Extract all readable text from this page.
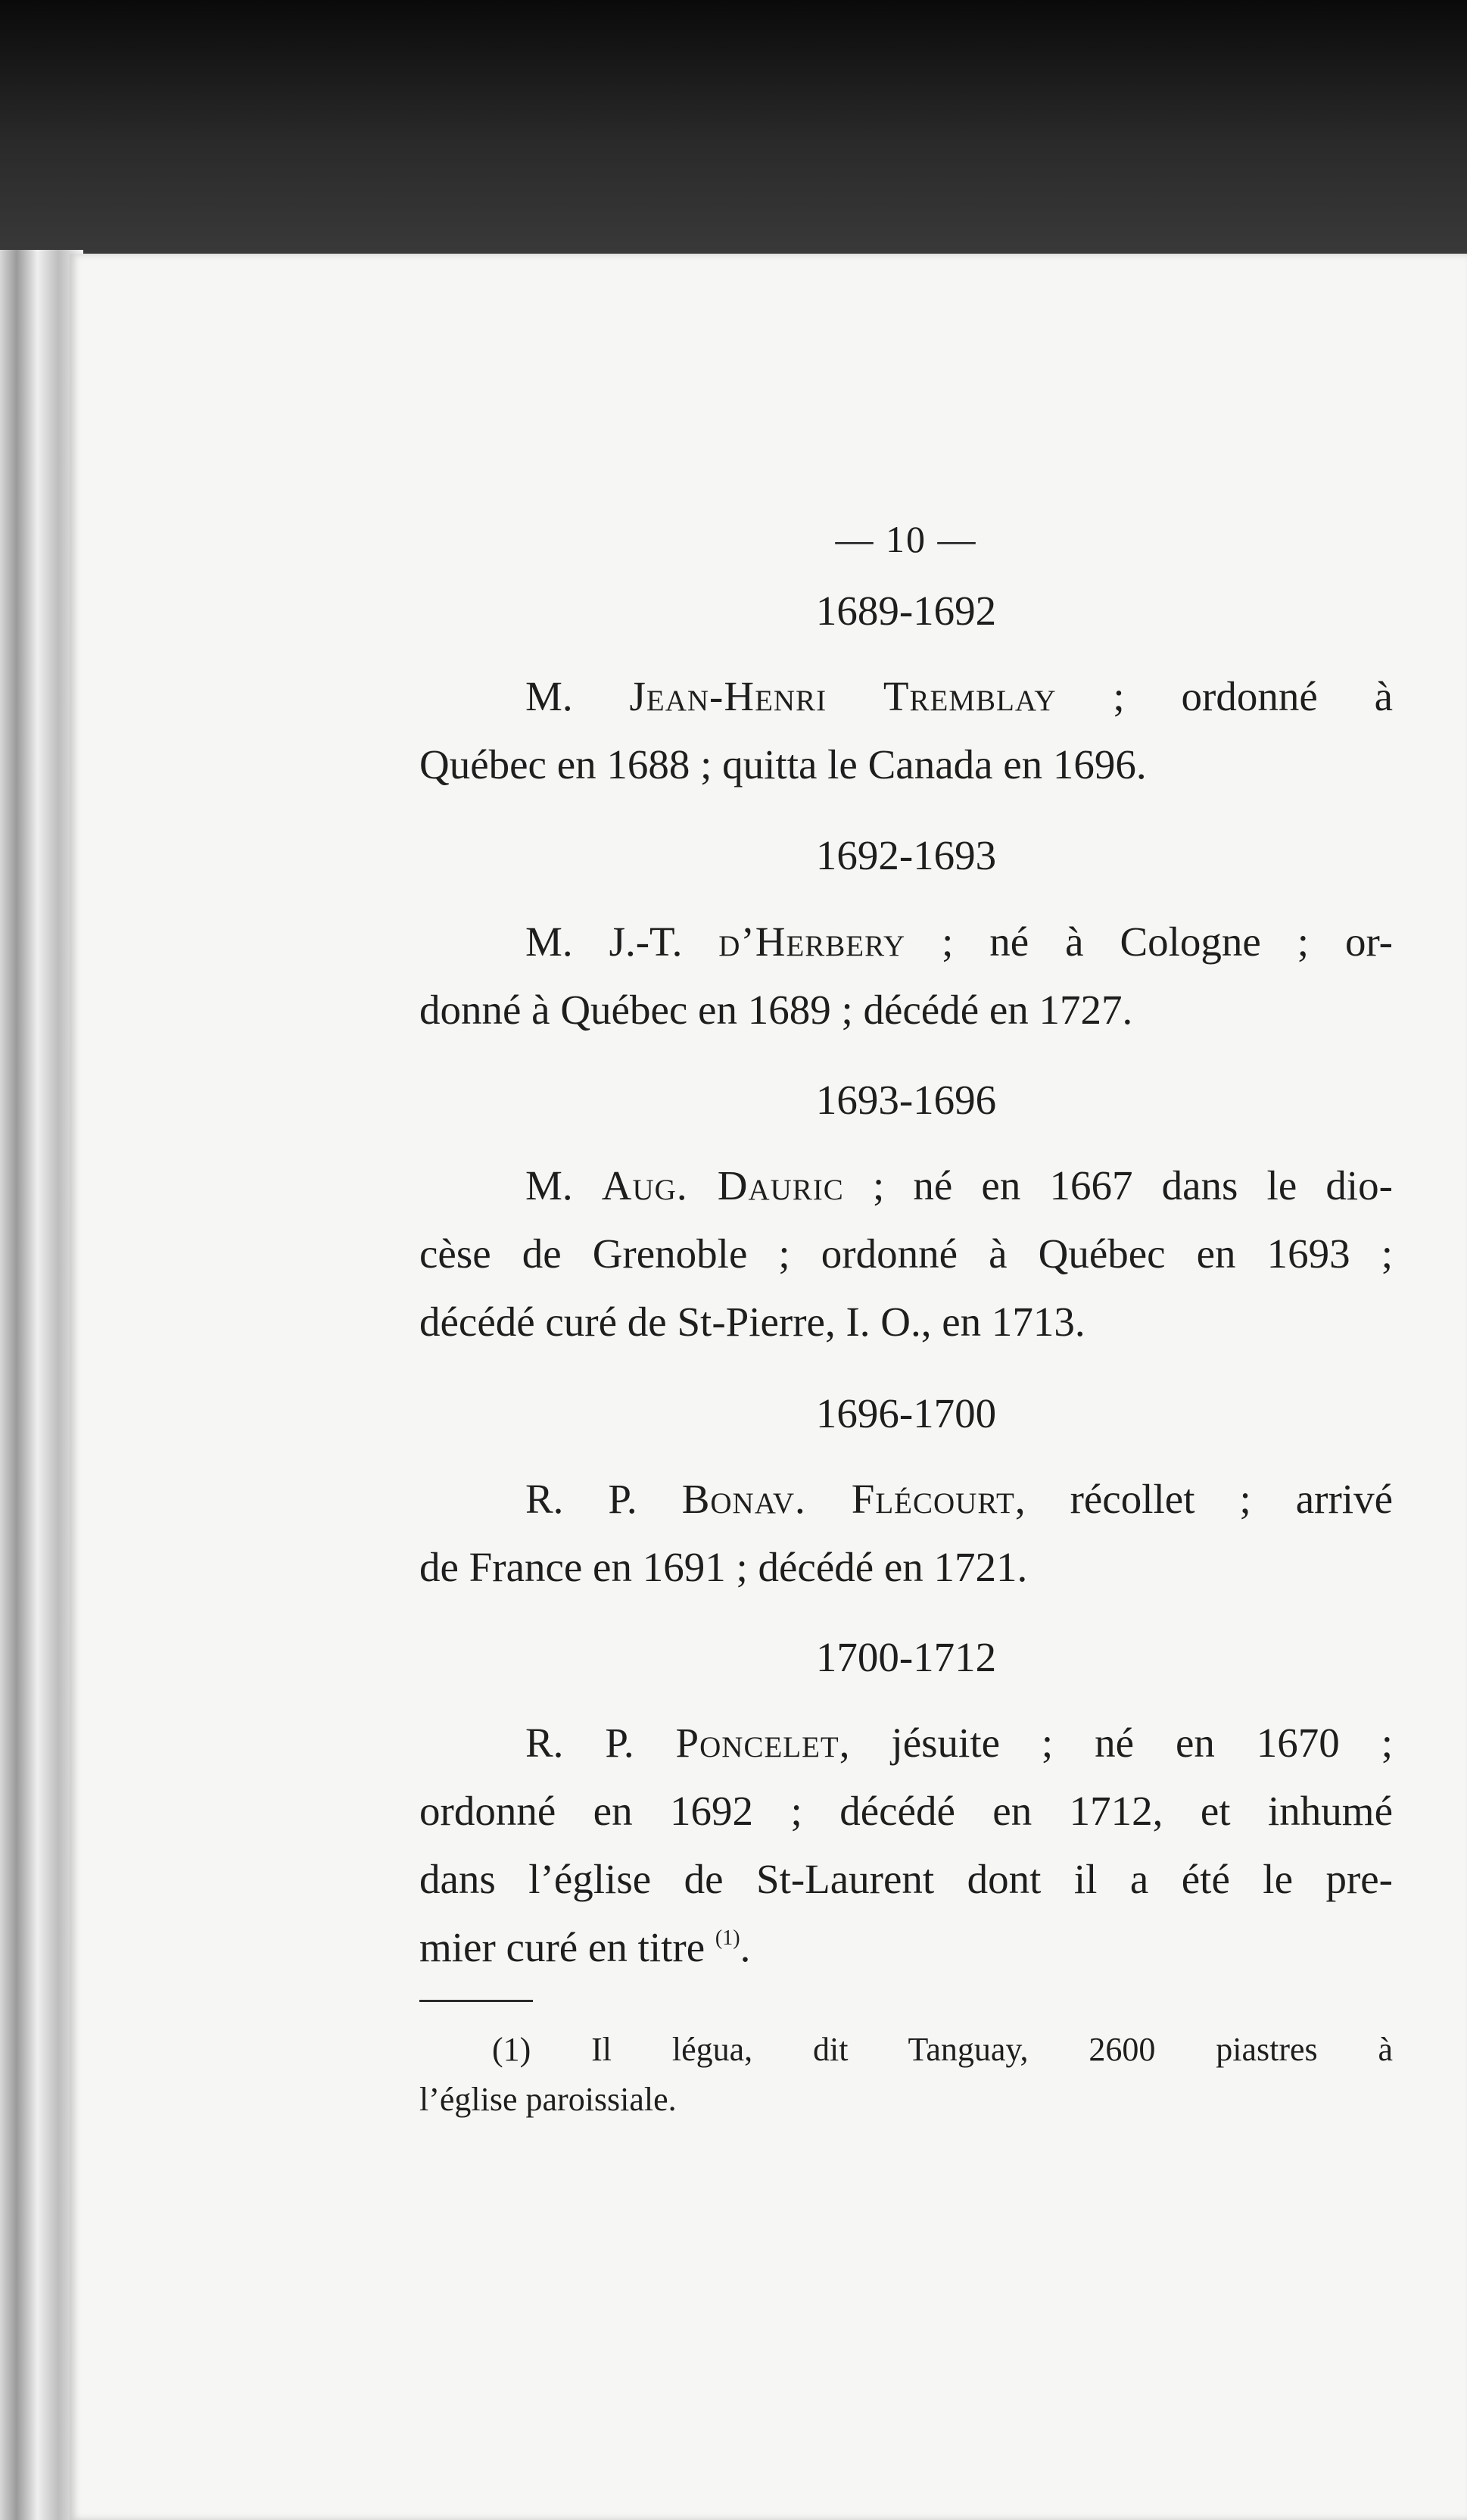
— 10 —
1689-1692
M. Jean-Henri Tremblay ; ordonné à
Québec en 1688 ; quitta le Canada en 1696.
1692-1693
M. J.-T. d’Herbery ; né à Cologne ; or-
donné à Québec en 1689 ; décédé en 1727.
1693-1696
M. Aug. Dauric ; né en 1667 dans le dio-
cèse de Grenoble ; ordonné à Québec en 1693 ;
décédé curé de St-Pierre, I. O., en 1713.
1696-1700
R. P. Bonav. Flécourt, récollet ; arrivé
de France en 1691 ; décédé en 1721.
1700-1712
R. P. Poncelet, jésuite ; né en 1670 ;
ordonné en 1692 ; décédé en 1712, et inhumé
dans l’église de St-Laurent dont il a été le pre-
mier curé en titre $^{(1)}$.
(1) Il légua, dit Tanguay, 2600 piastres à
l’église paroissiale.
